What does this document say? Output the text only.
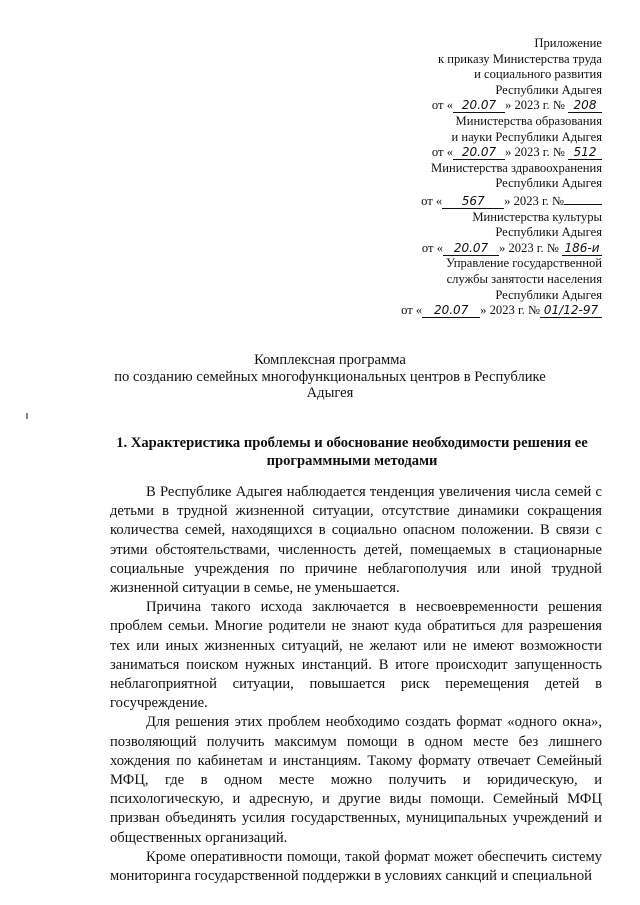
Приложение
к приказу Министерства труда
и социального развития
Республики Адыгея
от « 20.07 » 2023 г. № 208
Министерства образования
и науки Республики Адыгея
от « 20.07 » 2023 г. № 512
Министерства здравоохранения
Республики Адыгея
от « 567 » 2023 г. №
Министерства культуры
Республики Адыгея
от « 20.07 » 2023 г. № 186-и
Управление государственной
службы занятости населения
Республики Адыгея
от « 20.07 » 2023 г. № 01/12-97
Комплексная программа
по созданию семейных многофункциональных центров в Республике
Адыгея
1. Характеристика проблемы и обоснование необходимости решения ее
программными методами

В Республике Адыгея наблюдается тенденция увеличения числа семей с детьми в трудной жизненной ситуации, отсутствие динамики сокращения количества семей, находящихся в социально опасном положении. В связи с этими обстоятельствами, численность детей, помещаемых в стационарные социальные учреждения по причине неблагополучия или иной трудной жизненной ситуации в семье, не уменьшается.

Причина такого исхода заключается в несвоевременности решения проблем семьи. Многие родители не знают куда обратиться для разрешения тех или иных жизненных ситуаций, не желают или не имеют возможности заниматься поиском нужных инстанций. В итоге происходит запущенность неблагоприятной ситуации, повышается риск перемещения детей в госучреждение.

Для решения этих проблем необходимо создать формат «одного окна», позволяющий получить максимум помощи в одном месте без лишнего хождения по кабинетам и инстанциям. Такому формату отвечает Семейный МФЦ, где в одном месте можно получить и юридическую, и психологическую, и адресную, и другие виды помощи. Семейный МФЦ призван объединять усилия государственных, муниципальных учреждений и общественных организаций.

Кроме оперативности помощи, такой формат может обеспечить систему мониторинга государственной поддержки в условиях санкций и специальной
